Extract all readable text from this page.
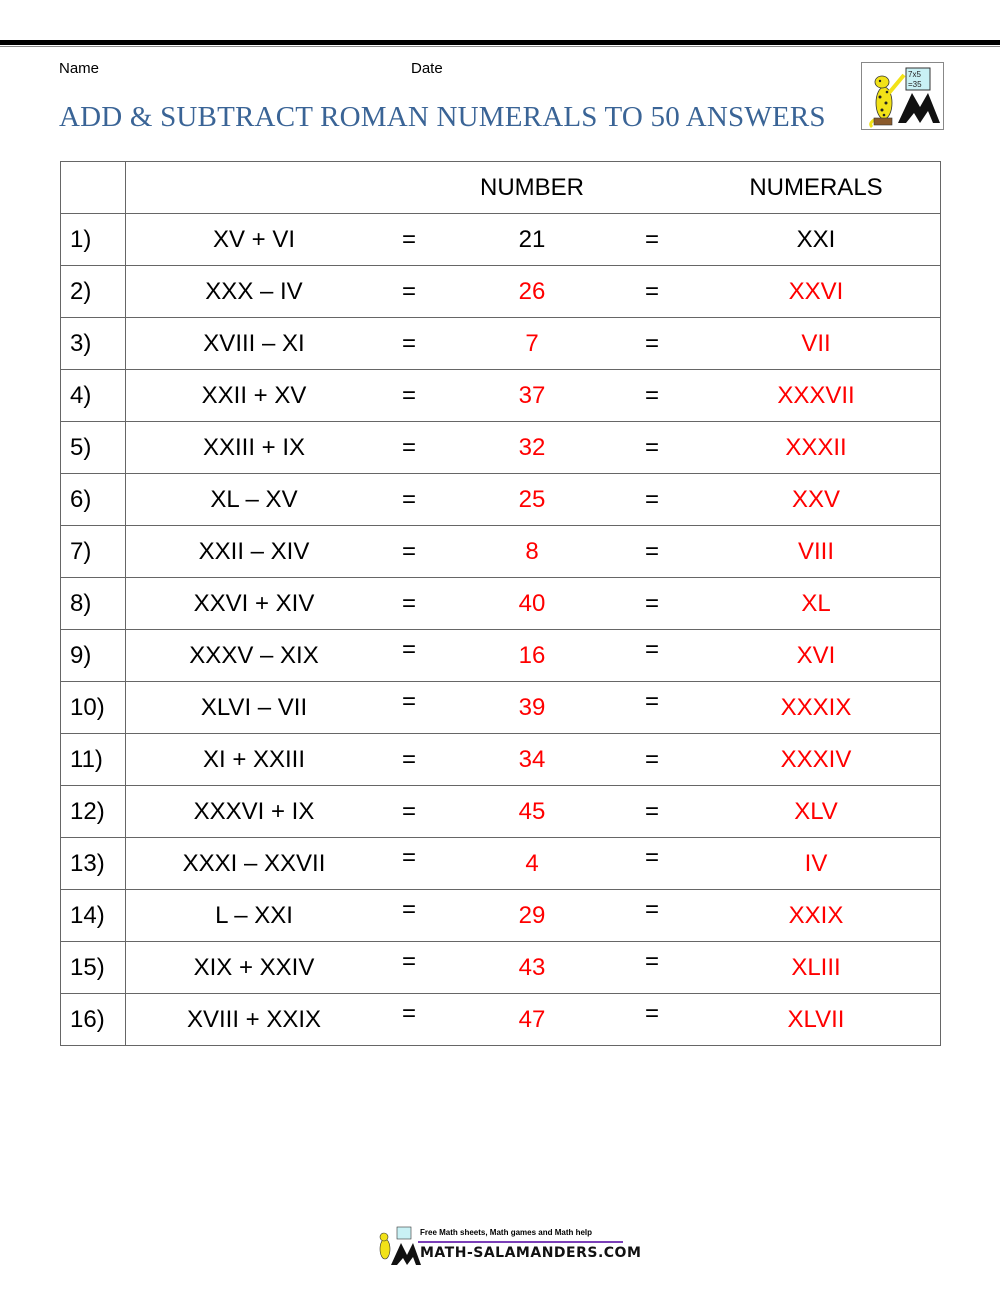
Name	Date
ADD & SUBTRACT ROMAN NUMERALS TO 50 ANSWERS
7x5
=35

	NUMBER NUMERALS

1)	XV + VI = 21 = XXI

2)	XXX – IV = 26 = XXVI

3)	XVIII – XI = 7 = VII

4)	XXII + XV = 37 = XXXVII

5)	XXIII + IX = 32 = XXXII

6)	XL – XV = 25 = XXV

7)	XXII – XIV = 8 = VIII

8)	XXVI + XIV = 40 = XL

9)	XXXV – XIX = 16 = XVI

10)	XLVI – VII = 39 = XXXIX

11)	XI + XXIII = 34 = XXXIV

12)	XXXVI + IX = 45 = XLV

13)	XXXI – XXVII = 4 = IV

14)	L – XXI = 29 = XXIX

15)	XIX + XXIV = 43 = XLIII

16)	XVIII + XXIX = 47 = XLVII
Free Math sheets, Math games and Math help
MATH-SALAMANDERS.COM
